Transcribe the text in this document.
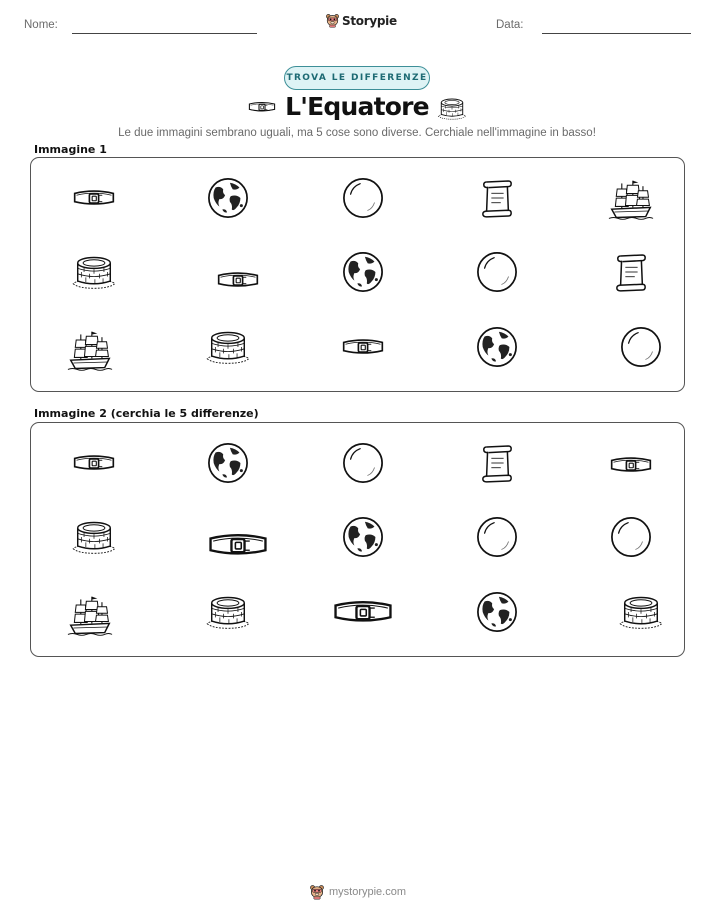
Nome:	Storypie	Data:
TROVA LE DIFFERENZE
L'Equatore
Le due immagini sembrano uguali, ma 5 cose sono diverse. Cerchiale nell'immagine in basso!
Immagine 1
Immagine 2 (cerchia le 5 differenze)
mystorypie.com
